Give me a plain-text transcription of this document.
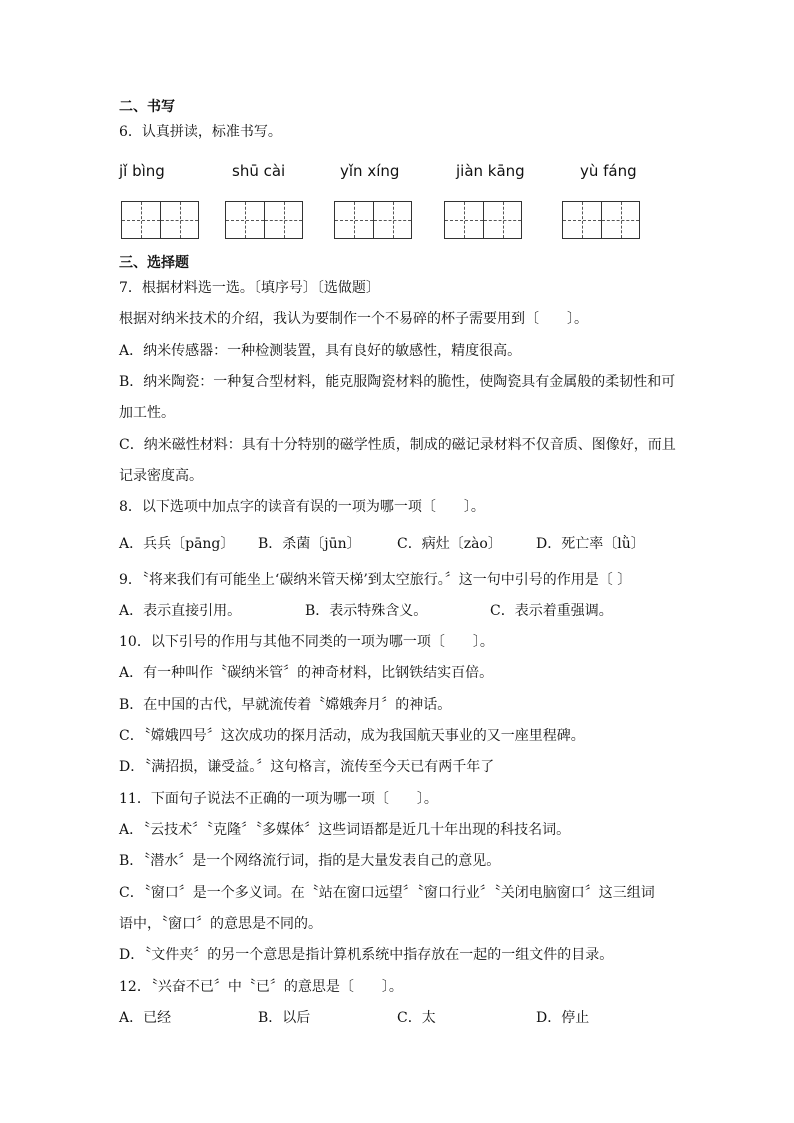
二、书写
6．认真拼读，标准书写。
jǐ bìng	shū cài	yǐn xíng	jiàn kāng	yù fáng
三、选择题
7．根据材料选一选。〔填序号〕〔选做题〕
根据对纳米技术的介绍，我认为要制作一个不易碎的杯子需要用到〔　　〕。
A．纳米传感器：一种检测装置，具有良好的敏感性，精度很高。
B．纳米陶瓷：一种复合型材料，能克服陶瓷材料的脆性，使陶瓷具有金属般的柔韧性和可
加工性。
C．纳米磁性材料：具有十分特别的磁学性质，制成的磁记录材料不仅音质、图像好，而且
记录密度高。
8．以下选项中加点字的读音有误的一项为哪一项〔　　〕。
A．兵兵〔pāng〕 B．杀菌〔jūn〕	C．病灶〔zào〕 D．死亡率〔lǜ〕
9．〝将来我们有可能坐上‘碳纳米管天梯’到太空旅行。〞这一句中引号的作用是〔 〕
A．表示直接引用。	B．表示特殊含义。	C．表示着重强调。
10．以下引号的作用与其他不同类的一项为哪一项〔　　〕。
A．有一种叫作〝碳纳米管〞的神奇材料，比钢铁结实百倍。
B．在中国的古代，早就流传着〝嫦娥奔月〞的神话。
C．〝嫦娥四号〞这次成功的探月活动，成为我国航天事业的又一座里程碑。
D．〝满招损，谦受益。〞这句格言，流传至今天已有两千年了
11．下面句子说法不正确的一项为哪一项〔　　〕。
A．〝云技术〞〝克隆〞〝多媒体〞这些词语都是近几十年出现的科技名词。
B．〝潜水〞是一个网络流行词，指的是大量发表自己的意见。
C．〝窗口〞是一个多义词。在〝站在窗口远望〞〝窗口行业〞〝关闭电脑窗口〞这三组词
语中，〝窗口〞的意思是不同的。
D．〝文件夹〞的另一个意思是指计算机系统中指存放在一起的一组文件的目录。
12．〝兴奋不已〞中〝已〞的意思是〔　　〕。
A．已经	B．以后	C．太	D．停止
